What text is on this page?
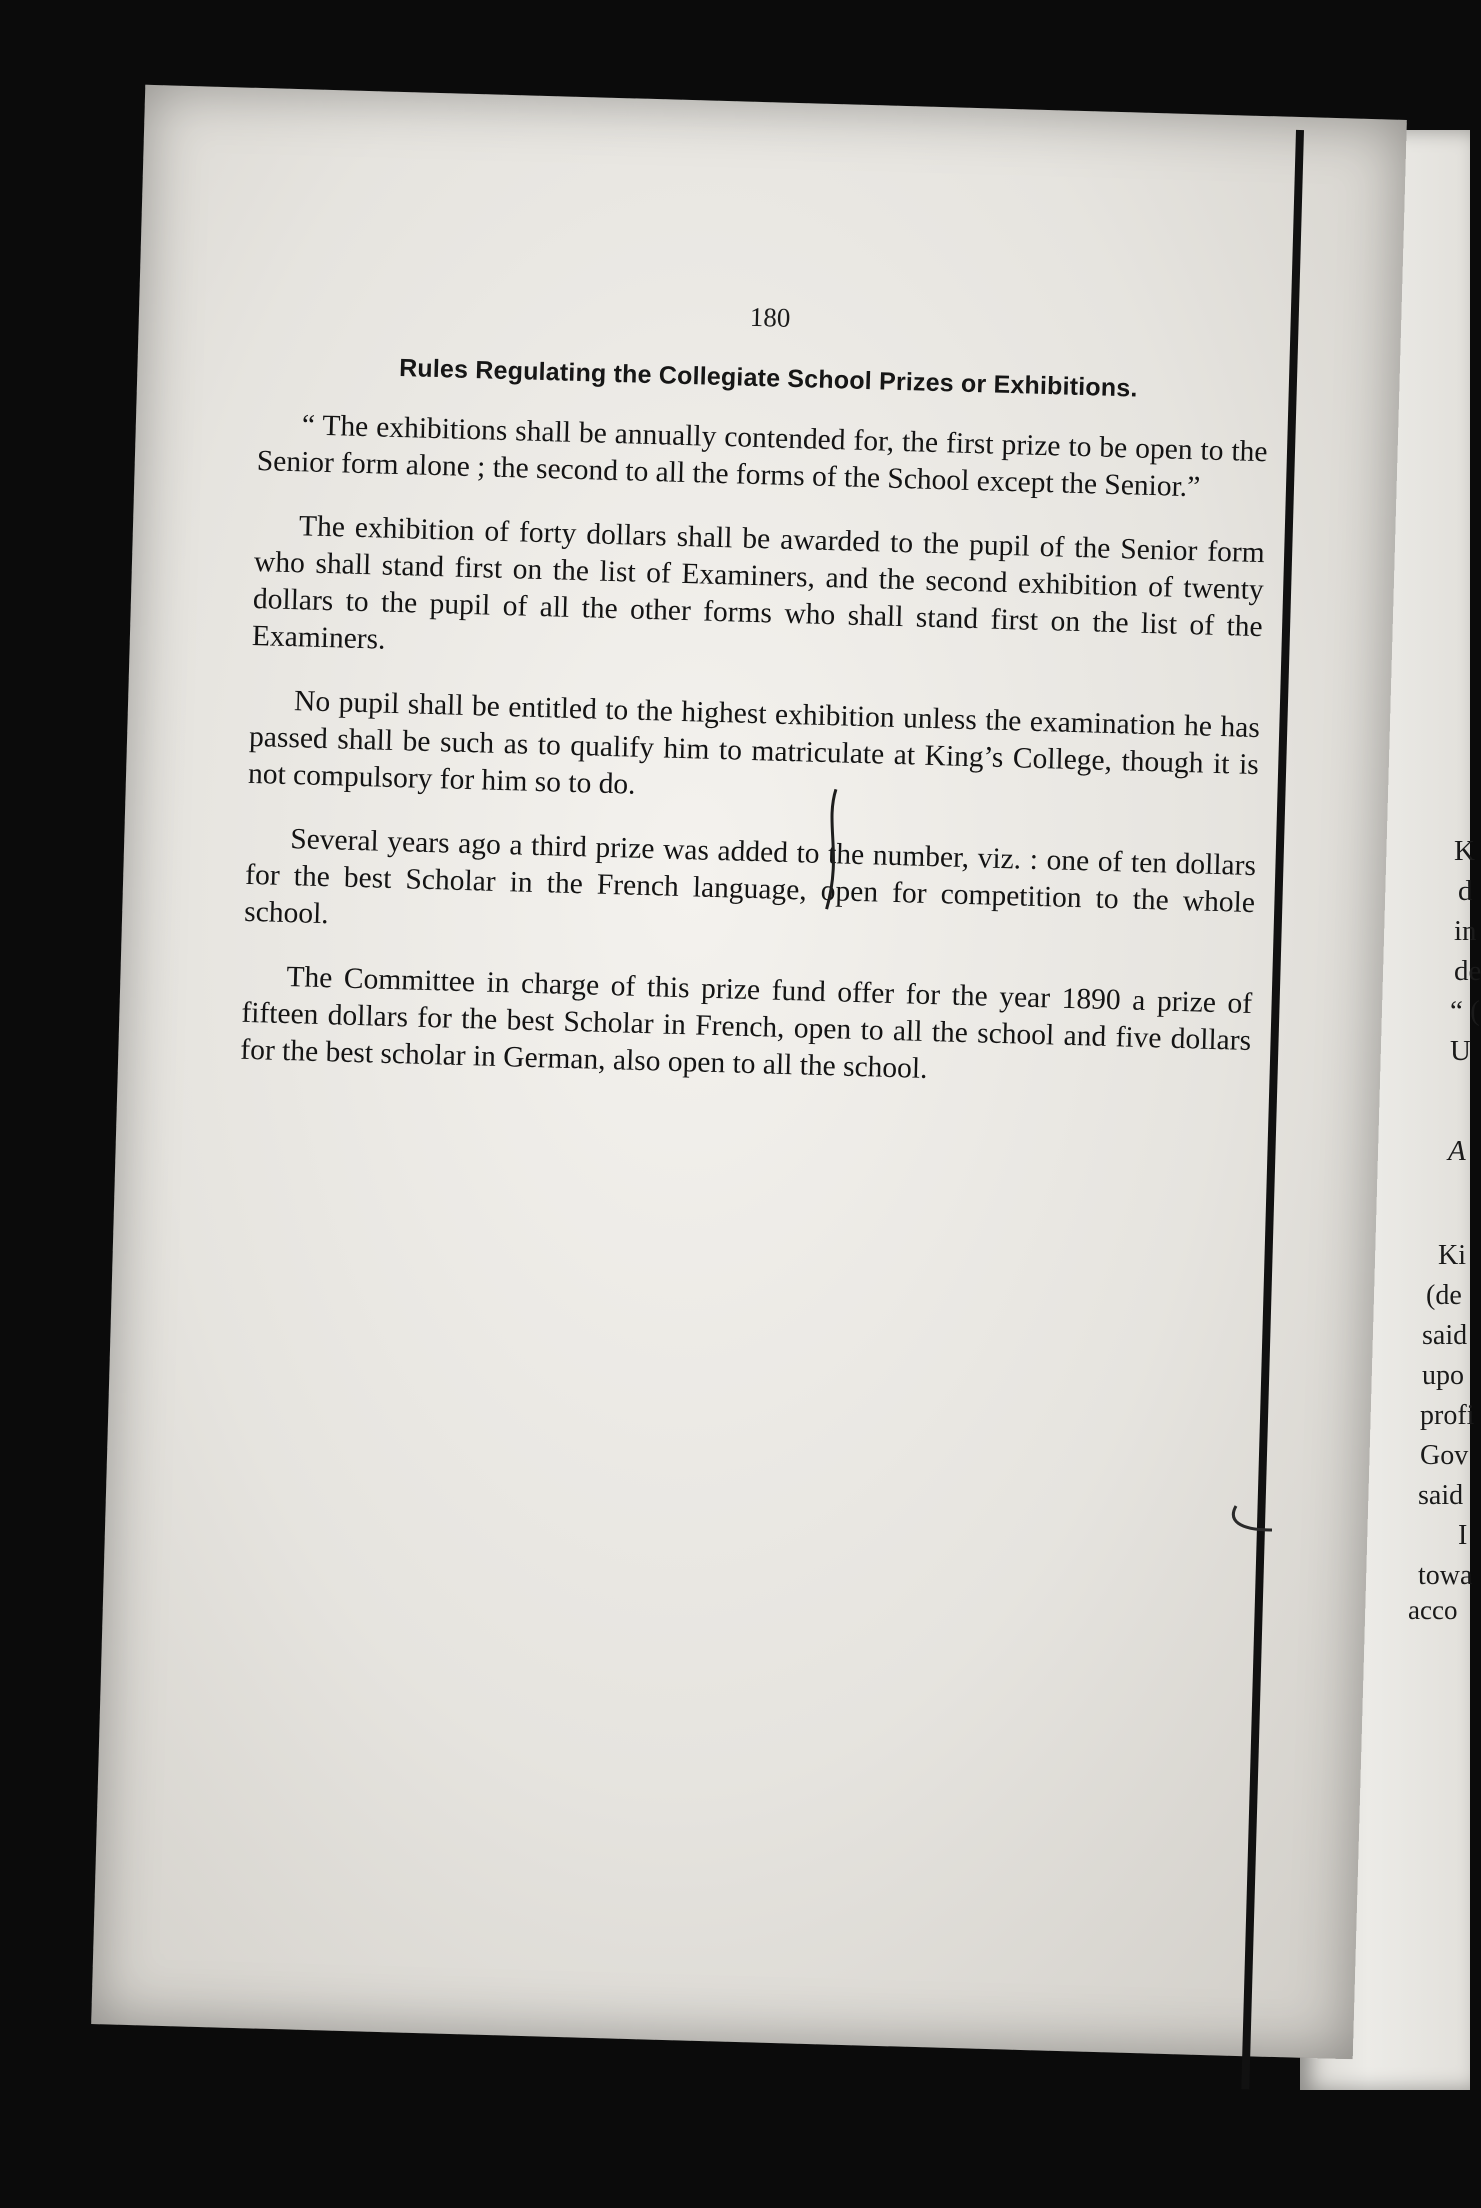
180
Rules Regulating the Collegiate School Prizes or Exhibitions.

“ The exhibitions shall be annually contended for, the first prize to be open to the Senior form alone ; the second to all the forms of the School except the Senior.”

The exhibition of forty dollars shall be awarded to the pupil of the Senior form who shall stand first on the list of Examiners, and the second exhibition of twenty dollars to the pupil of all the other forms who shall stand first on the list of the Examiners.

No pupil shall be entitled to the highest exhibition unless the examination he has passed shall be such as to qualify him to matriculate at King’s College, though it is not compulsory for him so to do.

Several years ago a third prize was added to the number, viz. : one of ten dollars for the best Scholar in the French language, open for competition to the whole school.

The Committee in charge of this prize fund offer for the year 1890 a prize of fifteen dollars for the best Scholar in French, open to all the school and five dollars for the best scholar in German, also open to all the school.

K
d
in
de
“ (
U
A
Ki
(de
said
upo
profi
Gov
said
I
towa
acco
